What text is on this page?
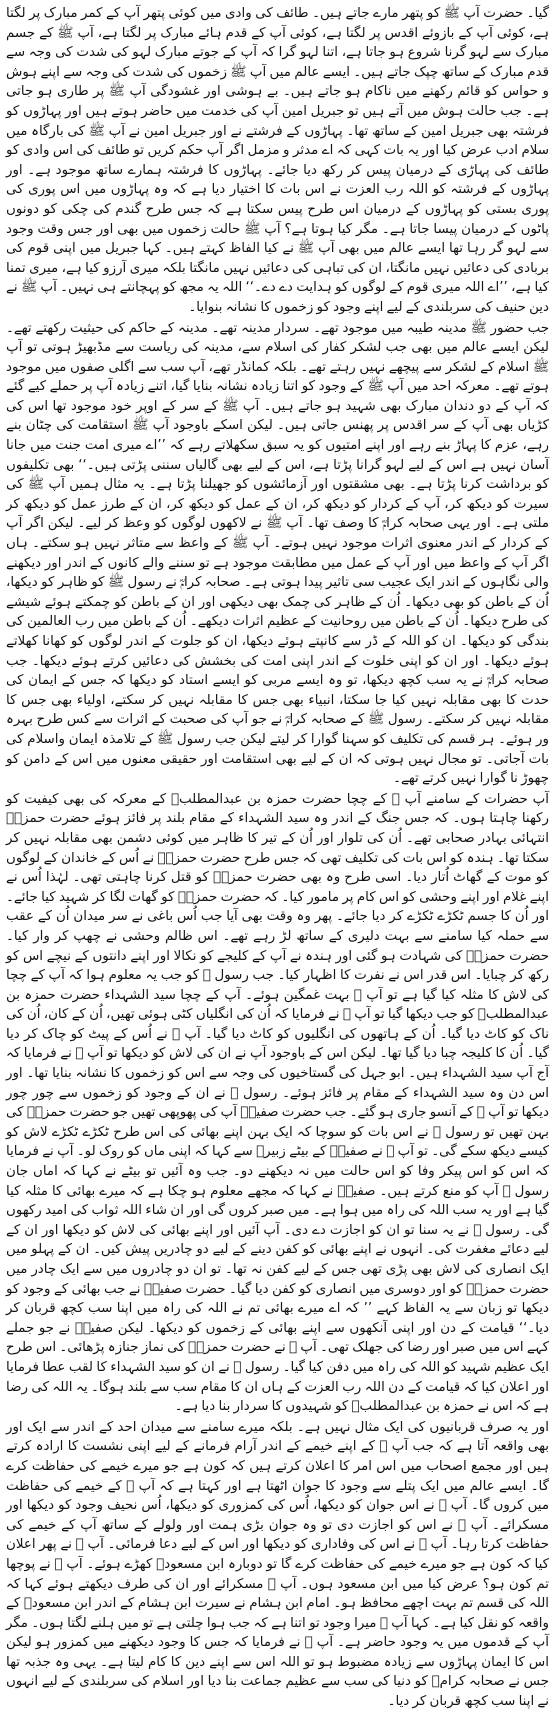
گیا۔ حضرت آپ ﷺ کو پتھر مارے جاتے ہیں۔ طائف کی وادی میں کوئی پتھر آپ کے کمر مبارک پر لگتا ہے، کوئی آپ کے بازوئے اقدس پر لگتا ہے، کوئی آپ کے قدم ہائے مبارک پر لگتا ہے، آپ ﷺ کے جسم مبارک سے لہو گرنا شروع ہو جاتا ہے، اتنا لہو گرا کہ آپ کے جوتے مبارک لہو کی شدت کی وجہ سے قدم مبارک کے ساتھ چپک جاتے ہیں۔ ایسے عالم میں آپ ﷺ زخموں کی شدت کی وجہ سے اپنے ہوش و حواس کو قائم رکھنے میں ناکام ہو جاتے ہیں۔ بے ہوشی اور غشودگی آپ ﷺ پر طاری ہو جاتی ہے۔ جب حالت ہوش میں آتے ہیں تو جبریل امین آپ کی خدمت میں حاضر ہوتے ہیں اور پہاڑوں کو فرشتہ بھی جبریل امین کے ساتھ تھا۔ پہاڑوں کے فرشتے نے اور جبریل امین نے آپ ﷺ کی بارگاہ میں سلام ادب عرض کیا اور یہ بات کہی کہ اے مدثر و مزمل اگر آپ حکم کریں تو طائف کی اس وادی کو طائف کی پہاڑی کے درمیان پیس کر رکھ دیا جائے۔ پہاڑوں کا فرشتہ ہمارے ساتھ موجود ہے۔ اور پہاڑوں کے فرشتہ کو اللہ رب العزت نے اس بات کا اختیار دیا ہے کہ وہ پہاڑوں میں اس پوری کی پوری بستی کو پہاڑوں کے درمیان اس طرح پیس سکتا ہے کہ جس طرح گندم کی چکی کو دونوں پاٹوں کے درمیان پیسا جاتا ہے۔ مگر کیا ہوتا ہے؟ آپ ﷺ حالت زخموں میں بھی اور جس وقت وجود سے لہو گر رہا تھا ایسے عالم میں بھی آپ ﷺ نے کیا الفاظ کہتے ہیں۔ کہا جبریل میں اپنی قوم کی بربادی کی دعائیں نہیں مانگتا، ان کی تباہی کی دعائیں نہیں مانگتا بلکہ میری آرزو کیا ہے، میری تمنا کیا ہے، ’’اے اللہ میری قوم کے لوگوں کو ہدایت دے دے۔‘‘ اللہ یہ مجھ کو پہچانتے ہی نہیں۔ آپ ﷺ نے دین حنیف کی سربلندی کے لیے اپنے وجود کو زخموں کا نشانہ بنوایا۔

جب حضور ﷺ مدینہ طیبہ میں موجود تھے۔ سردار مدینہ تھے۔ مدینہ کے حاکم کی حیثیت رکھتے تھے۔ لیکن ایسے عالم میں بھی جب لشکر کفار کی اسلام سے، مدینہ کی ریاست سے مڈبھیڑ ہوتی تو آپ ﷺ اسلام کے لشکر سے پیچھے نہیں رہتے تھے۔ بلکہ کمانڈر تھے، آپ سب سے اگلی صفوں میں موجود ہوتے تھے۔ معرکہ احد میں آپ ﷺ کے وجود کو اتنا زیادہ نشانہ بنایا گیا، اتنے زیادہ آپ پر حملے کیے گئے کہ آپ کے دو دندان مبارک بھی شہید ہو جاتے ہیں۔ آپ ﷺ کے سر کے اوپر خود موجود تھا اس کی کڑیاں بھی آپ کے سر اقدس پر پھنس جاتی ہیں۔ لیکن اسکے باوجود آپ ﷺ استقامت کی چٹان بنے رہے، عزم کا پہاڑ بنے رہے اور اپنے امتیوں کو یہ سبق سکھلاتے رہے کہ ’’اے میری امت جنت میں جانا آسان نہیں ہے اس کے لیے لہو گرانا پڑتا ہے، اس کے لیے بھی گالیاں سننی پڑتی ہیں۔‘‘ بھی تکلیفوں کو برداشت کرنا پڑتا ہے۔ بھی مشقتوں اور آزمائشوں کو جھیلنا پڑتا ہے۔ یہ مثال ہمیں آپ ﷺ کی سیرت کو دیکھ کر، آپ کے کردار کو دیکھ کر، ان کے عمل کو دیکھ کر، ان کے طرز عمل کو دیکھ کر ملتی ہے۔ اور یہی صحابہ کرامؓ کا وصف تھا۔ آپ ﷺ نے لاکھوں لوگوں کو وعظ کر لیے۔ لیکن اگر آپ کے کردار کے اندر معنوی اثرات موجود نہیں ہوتے۔ آپ ﷺ کے واعظ سے متاثر نہیں ہو سکتے۔ ہاں اگر آپ کے واعظ میں اور آپ کے عمل میں مطابقت موجود ہے تو سننے والے کانوں کے اندر اور دیکھنے والی نگاہوں کے اندر ایک عجیب سی تاثیر پیدا ہوتی ہے۔ صحابہ کرامؓ نے رسول ﷺ کو ظاہر کو دیکھا، اُن کے باطن کو بھی دیکھا۔ اُن کے ظاہر کی چمک بھی دیکھی اور ان کے باطن کو چمکتے ہوئے شیشے کی طرح دیکھا۔ اُن کے باطن میں روحانیت کے عظیم اثرات دیکھے۔ اُن کے باطن میں رب العالمین کی بندگی کو دیکھا۔ ان کو اللہ کے ڈر سے کانپتے ہوئے دیکھا، ان کو جلوت کے اندر لوگوں کو کھانا کھلاتے ہوئے دیکھا۔ اور ان کو اپنی خلوت کے اندر اپنی امت کی بخشش کی دعائیں کرتے ہوئے دیکھا۔ جب صحابہ کرامؓ نے یہ سب کچھ دیکھا، تو وہ ایسے مربی کو ایسے استاد کو دیکھا کہ جس کے ایمان کی حدت کا بھی مقابلہ نہیں کیا جا سکتا، انبیاء بھی جس کا مقابلہ نہیں کر سکتے، اولیاء بھی جس کا مقابلہ نہیں کر سکتے۔ رسول ﷺ کے صحابہ کرامؓ نے جو آپ کی صحبت کے اثرات سے کس طرح بہرہ ور ہوئے۔ ہر قسم کی تکلیف کو سہنا گوارا کر لیتے لیکن جب رسول ﷺ کے تلامذہ ایمان واسلام کی بات آجاتی۔ تو مجال نہیں ہوتی کہ ان کے لیے بھی استقامت اور حقیقی معنوں میں اس کے دامن کو چھوڑ نا گوارا نہیں کرتے تھے۔

آپ حضرات کے سامنے آپ ﷺ کے چچا حضرت حمزہ بن عبدالمطلبؓ کے معرکہ کی بھی کیفیت کو رکھنا چاہتا ہوں۔ کہ جس جنگ کے اندر وہ سید الشہداء کے مقام بلند پر فائز ہوئے حضرت حمزہؓ انتہائی بہادر صحابی تھے۔ اُن کی تلوار اور اُن کے تیر کا ظاہر میں کوئی دشمن بھی مقابلہ نہیں کر سکتا تھا۔ ہندہ کو اس بات کی تکلیف تھی کہ جس طرح حضرت حمزہؓ نے اُس کے خاندان کے لوگوں کو موت کے گھاٹ اُتار دیا۔ اسی طرح وہ بھی حضرت حمزہؓ کو قتل کرنا چاہتی تھی۔ لہٰذا اُس نے اپنے غلام اور اپنے وحشی کو اس کام پر مامور کیا۔ کہ حضرت حمزہؓ کو گھات لگا کر شہید کیا جائے۔ اور اُن کا جسم ٹکڑے ٹکڑے کر دیا جائے۔ پھر وہ وقت بھی آیا جب اُس باغی نے سر میدان اُن کے عقب سے حملہ کیا سامنے سے بہت دلیری کے ساتھ لڑ رہے تھے۔ اس ظالم وحشی نے چھپ کر وار کیا۔ حضرت حمزہؓ کی شہادت ہو گئی اور ہندہ نے آپ کے کلیجے کو نکالا اور اپنے دانتوں کے نیچے اس کو رکھ کر چبایا۔ اس قدر اس نے نفرت کا اظہار کیا۔ جب رسول ﷺ کو جب یہ معلوم ہوا کہ آپ کے چچا کی لاش کا مثلہ کیا گیا ہے تو آپ ﷺ بہت غمگین ہوئے۔ آپ کے چچا سید الشہداء حضرت حمزہ بن عبدالمطلبؓ کو جب دیکھا گیا تو آپ ﷺ نے فرمایا کہ اُن کی انگلیاں کٹی ہوئی تھیں، اُن کے کان، اُن کی ناک کو کاٹ دیا گیا۔ اُن کے ہاتھوں کی انگلیوں کو کاٹ دیا گیا۔ آپ ﷺ نے اُس کے پیٹ کو چاک کر دیا گیا۔ اُن کا کلیجہ چبا دیا گیا تھا۔ لیکن اس کے باوجود آپ نے ان کی لاش کو دیکھا تو آپ ﷺ نے فرمایا کہ آج آپ سید الشہداء ہیں۔ ابو جہل کی گستاخیوں کی وجہ سے اس کو زخموں کا نشانہ بنایا تھا۔ اور اس دن وہ سید الشہداء کے مقام پر فائز ہوئے۔ رسول ﷺ نے ان کے وجود کو زخموں سے چور چور دیکھا تو آپ ﷺ کے آنسو جاری ہو گئے۔ جب حضرت صفیہؓ آپ کی پھوپھی تھیں جو حضرت حمزہؓ کی بہن تھیں تو رسول ﷺ نے اس بات کو سوچا کہ ایک بہن اپنے بھائی کی اس طرح ٹکڑے ٹکڑے لاش کو کیسے دیکھ سکے گی۔ تو آپ ﷺ نے صفیہؓ کے بیٹے زبیرؓ سے کہا کہ اپنی ماں کو روک لو۔ آپ نے فرمایا کہ اس کو اس پیکر وفا کو اس حالت میں نہ دیکھنے دو۔ جب وہ آئیں تو بیٹے نے کہا کہ اماں جان رسول ﷺ آپ کو منع کرتے ہیں۔ صفیہؓ نے کہا کہ مجھے معلوم ہو چکا ہے کہ میرے بھائی کا مثلہ کیا گیا ہے اور یہ سب اللہ کی راہ میں ہوا ہے۔ میں صبر کروں گی اور ان شاء اللہ ثواب کی امید رکھوں گی۔ رسول ﷺ نے یہ سنا تو ان کو اجازت دے دی۔ آپ آئیں اور اپنے بھائی کی لاش کو دیکھا اور ان کے لیے دعائے مغفرت کی۔ انہوں نے اپنے بھائی کو کفن دینے کے لیے دو چادریں پیش کیں۔ ان کے پہلو میں ایک انصاری کی لاش بھی پڑی تھی جس کے لیے کفن نہ تھا۔ تو ان دو چادروں میں سے ایک چادر میں حضرت حمزہؓ کو اور دوسری میں انصاری کو کفن دیا گیا۔ حضرت صفیہؓ نے جب بھائی کے وجود کو دیکھا تو زبان سے یہ الفاظ کہے ’’ کہ اے میرے بھائی تم نے اللہ کی راہ میں اپنا سب کچھ قربان کر دیا۔‘‘ قیامت کے دن اور اپنی آنکھوں سے اپنے بھائی کے زخموں کو دیکھا۔ لیکن صفیہؓ نے جو جملے کہے اس میں صبر اور رضا کی جھلک تھی۔ آپ ﷺ نے حضرت حمزہؓ کی نماز جنازہ پڑھائی۔ اس طرح ایک عظیم شہید کو اللہ کی راہ میں دفن کیا گیا۔ رسول ﷺ نے ان کو سید الشہداء کا لقب عطا فرمایا اور اعلان کیا کہ قیامت کے دن اللہ رب العزت کے ہاں ان کا مقام سب سے بلند ہوگا۔ یہ اللہ کی رضا ہے کہ اس نے حمزہ بن عبدالمطلبؓ کو شہیدوں کا سردار بنا دیا ہے۔

اور یہ صرف قربانیوں کی ایک مثال نہیں ہے۔ بلکہ میرے سامنے سے میدان احد کے اندر سے ایک اور بھی واقعہ آتا ہے کہ جب آپ ﷺ کے اپنے خیمے کے اندر آرام فرمانے کے لیے اپنی نشست کا ارادہ کرتے ہیں اور مجمع اصحاب میں اس امر کا اعلان کرتے ہیں کہ کون ہے جو میرے خیمے کی حفاظت کرے گا۔ ایسے عالم میں ایک پتلے سے وجود کا جوان اٹھتا ہے اور کہتا ہے کہ آپ ﷺ کے خیمے کی حفاظت میں کروں گا۔ آپ ﷺ نے اس جوان کو دیکھا، اُس کی کمزوری کو دیکھا، اُس نحیف وجود کو دیکھا اور مسکرائے۔ آپ ﷺ نے اس کو اجازت دی تو وہ جوان بڑی ہمت اور ولولے کے ساتھ آپ کے خیمے کی حفاظت کرتا رہا۔ آپ ﷺ نے اس کی وفاداری کو دیکھا اور اس کے لیے دعا فرمائی۔ آپ ﷺ نے پھر اعلان کیا کہ کون ہے جو میرے خیمے کی حفاظت کرے گا تو دوبارہ ابن مسعودؓ کھڑے ہوئے۔ آپ ﷺ نے پوچھا تم کون ہو؟ عرض کیا میں ابن مسعود ہوں۔ آپ ﷺ مسکرائے اور ان کی طرف دیکھتے ہوئے کہا کہ اللہ کی قسم تم بہت اچھے محافظ ہو۔ امام ابن ہشام نے سیرت ابن ہشام کے اندر ابن مسعودؓ کے واقعہ کو نقل کیا ہے۔ کہا آپ ﷺ میرا وجود تو اتنا ہے کہ جب ہوا چلتی ہے تو میں ہلنے لگتا ہوں۔ مگر آپ کے قدموں میں یہ وجود حاضر ہے۔ آپ ﷺ نے فرمایا کہ جس کا وجود دیکھنے میں کمزور ہو لیکن اس کا ایمان پہاڑوں سے زیادہ مضبوط ہو تو اللہ اس سے اپنے دین کا کام لیتا ہے۔ یہی وہ جذبہ تھا جس نے صحابہ کرامؓ کو دنیا کی سب سے عظیم جماعت بنا دیا اور اسلام کی سربلندی کے لیے انہوں نے اپنا سب کچھ قربان کر دیا۔
